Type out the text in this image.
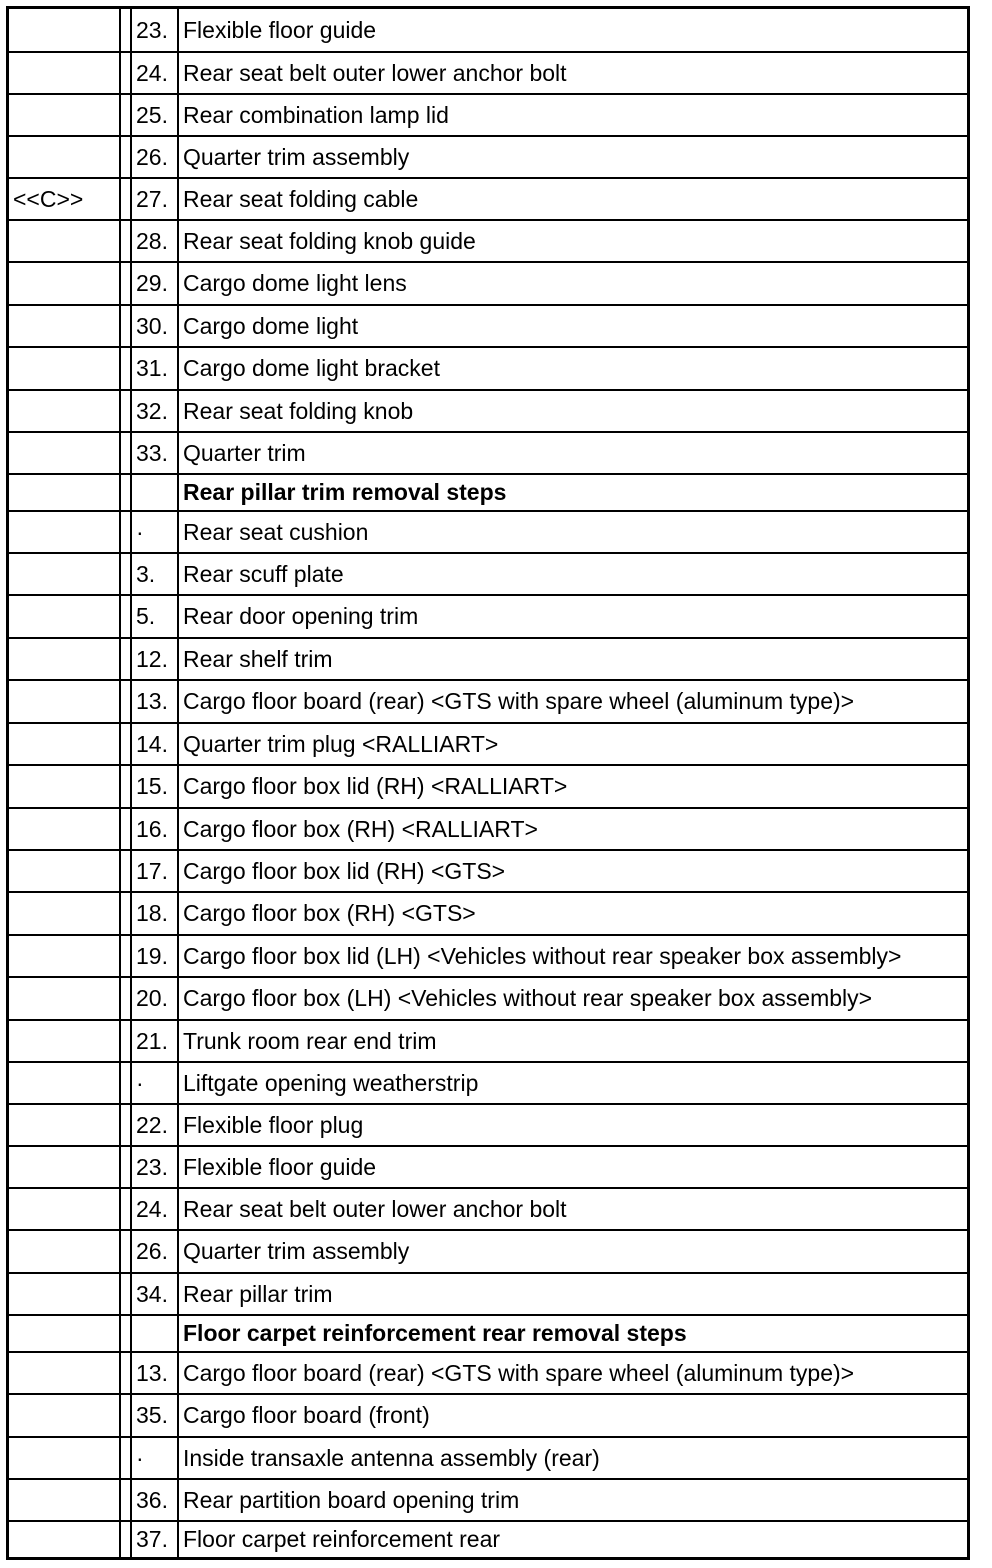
23. Flexible floor guide
24. Rear seat belt outer lower anchor bolt
25. Rear combination lamp lid
26. Quarter trim assembly
<<C>>	27. Rear seat folding cable
28. Rear seat folding knob guide
29. Cargo dome light lens
30. Cargo dome light
31. Cargo dome light bracket
32. Rear seat folding knob
33. Quarter trim
Rear pillar trim removal steps
·	Rear seat cushion
3.	Rear scuff plate
5.	Rear door opening trim
12. Rear shelf trim
13. Cargo floor board (rear) <GTS with spare wheel (aluminum type)>
14. Quarter trim plug <RALLIART>
15. Cargo floor box lid (RH) <RALLIART>
16. Cargo floor box (RH) <RALLIART>
17. Cargo floor box lid (RH) <GTS>
18. Cargo floor box (RH) <GTS>
19. Cargo floor box lid (LH) <Vehicles without rear speaker box assembly>
20. Cargo floor box (LH) <Vehicles without rear speaker box assembly>
21. Trunk room rear end trim
·	Liftgate opening weatherstrip
22. Flexible floor plug
23. Flexible floor guide
24. Rear seat belt outer lower anchor bolt
26. Quarter trim assembly
34. Rear pillar trim
Floor carpet reinforcement rear removal steps
13. Cargo floor board (rear) <GTS with spare wheel (aluminum type)>
35. Cargo floor board (front)
·	Inside transaxle antenna assembly (rear)
36. Rear partition board opening trim
37. Floor carpet reinforcement rear
